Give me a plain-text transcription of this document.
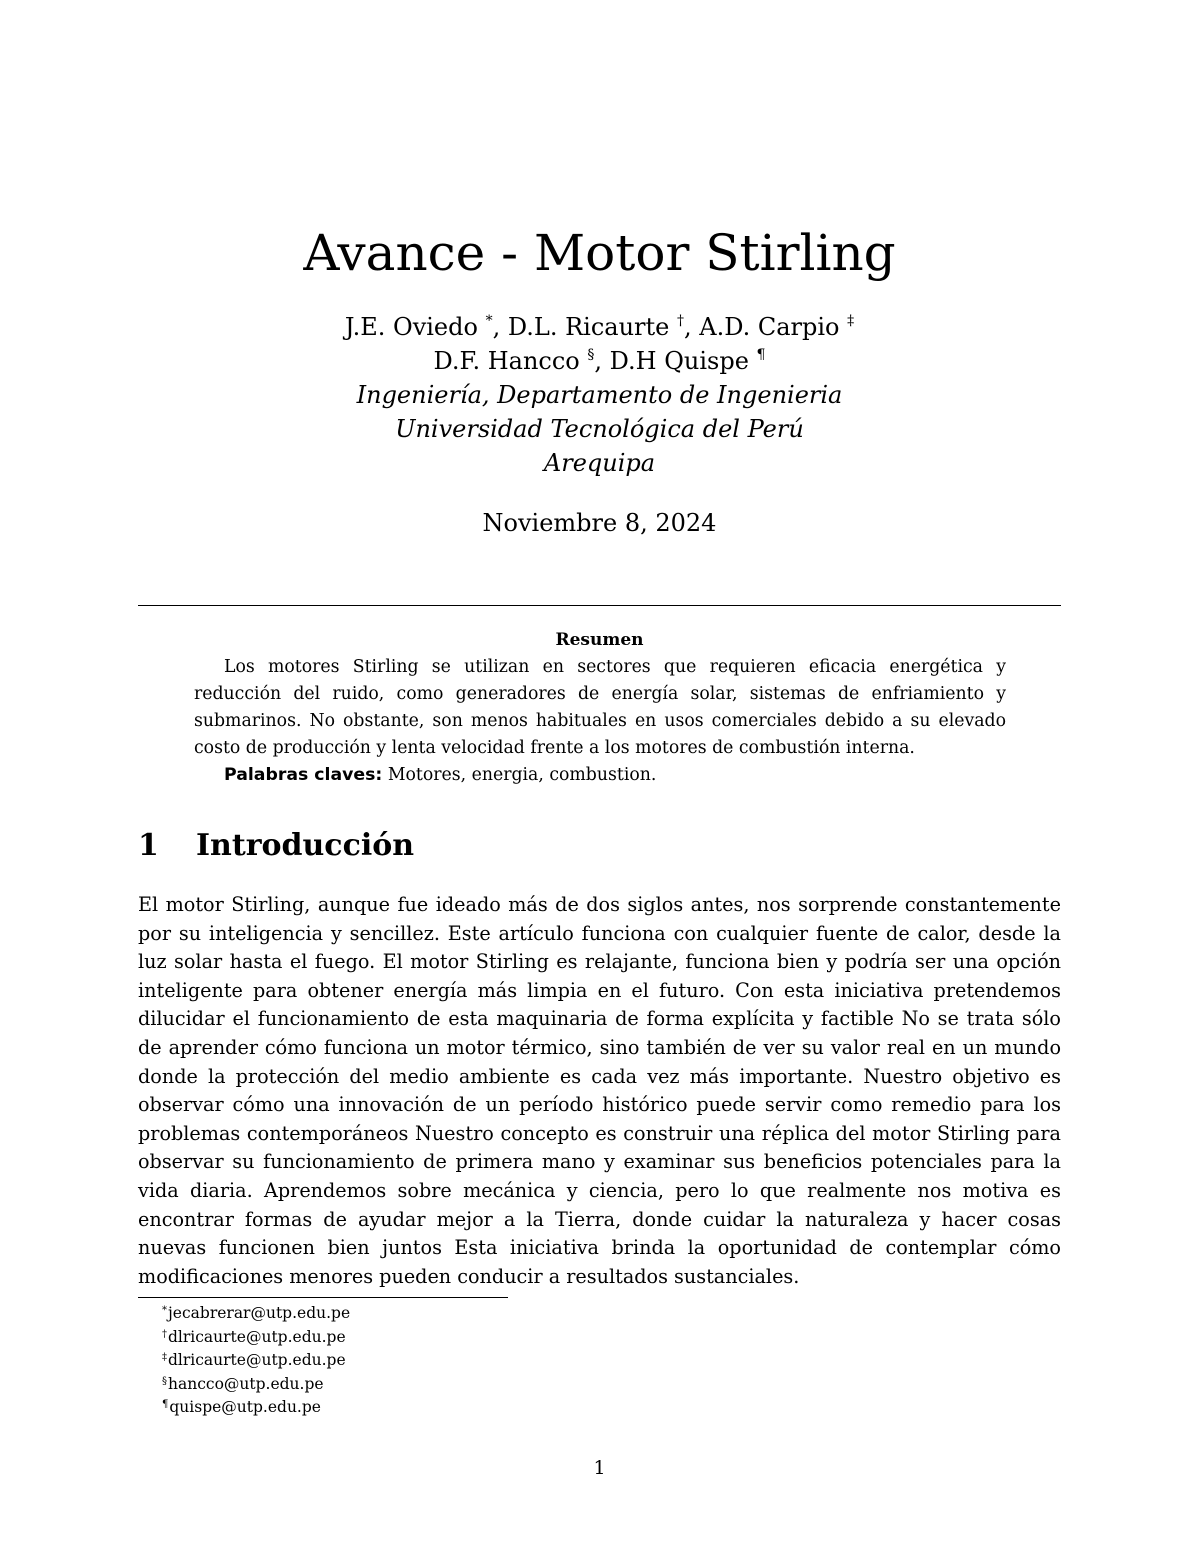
Avance - Motor Stirling
J.E. Oviedo *, D.L. Ricaurte †, A.D. Carpio ‡
D.F. Hancco §, D.H Quispe ¶
Ingeniería, Departamento de Ingenieria
Universidad Tecnológica del Perú
Arequipa
Noviembre 8, 2024
Resumen

Los motores Stirling se utilizan en sectores que requieren eficacia energética y reducción del ruido, como generadores de energía solar, sistemas de enfriamiento y submarinos. No obstante, son menos habituales en usos comerciales debido a su elevado costo de producción y lenta velocidad frente a los motores de combustión interna.

Palabras claves: Motores, energia, combustion.

1 Introducción

El motor Stirling, aunque fue ideado más de dos siglos antes, nos sorprende constantemente por su inteligencia y sencillez. Este artículo funciona con cualquier fuente de calor, desde la luz solar hasta el fuego. El motor Stirling es relajante, funciona bien y podría ser una opción inteligente para obtener energía más limpia en el futuro. Con esta iniciativa pretendemos dilucidar el funcionamiento de esta maquinaria de forma explícita y factible No se trata sólo de aprender cómo funciona un motor térmico, sino también de ver su valor real en un mundo donde la protección del medio ambiente es cada vez más importante. Nuestro objetivo es observar cómo una innovación de un período histórico puede servir como remedio para los problemas contemporáneos Nuestro concepto es construir una réplica del motor Stirling para observar su funcionamiento de primera mano y examinar sus beneficios potenciales para la vida diaria. Aprendemos sobre mecánica y ciencia, pero lo que realmente nos motiva es encontrar formas de ayudar mejor a la Tierra, donde cuidar la naturaleza y hacer cosas nuevas funcionen bien juntos Esta iniciativa brinda la oportunidad de contemplar cómo modificaciones menores pueden conducir a resultados sustanciales.

*jecabrerar@utp.edu.pe
†dlricaurte@utp.edu.pe
‡dlricaurte@utp.edu.pe
§hancco@utp.edu.pe
¶quispe@utp.edu.pe
1
